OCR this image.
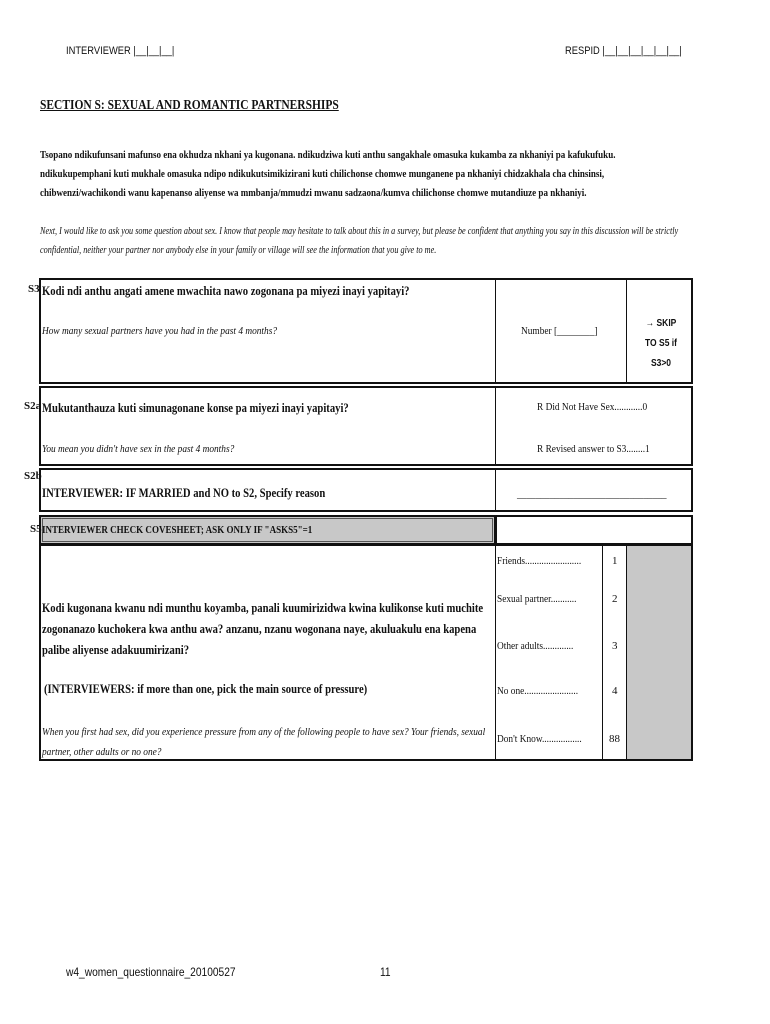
INTERVIEWER |__|__|__|	RESPID |__|__|__|__|__|__|
SECTION S: SEXUAL AND ROMANTIC PARTNERSHIPS
Tsopano ndikufunsani mafunso ena okhudza nkhani ya kugonana. ndikudziwa kuti anthu sangakhale omasuka kukamba za nkhaniyi pa kafukufuku. ndikukupemphani kuti mukhale omasuka ndipo ndikukutsimikizirani kuti chilichonse chomwe munganene pa nkhaniyi chidzakhala cha chinsinsi, chibwenzi/wachikondi wanu kapenanso aliyense wa mmbanja/mmudzi mwanu sadzaona/kumva chilichonse chomwe mutandiuze pa nkhaniyi.
Next, I would like to ask you some question about sex. I know that people may hesitate to talk about this in a survey, but please be confident that anything you say in this discussion will be strictly confidential, neither your partner nor anybody else in your family or village will see the information that you give to me.
S3 Kodi ndi anthu angati amene mwachita nawo zogonana pa miyezi inayi yapitayi?
How many sexual partners have you had in the past 4 months?	Number [________]
→ SKIP
TO S5 if S3>0
S2a Mukutanthauza kuti simunagonane konse pa miyezi inayi yapitayi?
You mean you didn't have sex in the past 4 months?
R Did Not Have Sex............0
R Revised answer to S3........1
S2b
INTERVIEWER: IF MARRIED and NO to S2, Specify reason	________________________________
S5 INTERVIEWER CHECK COVESHEET; ASK ONLY IF "ASKS5"=1
Kodi kugonana kwanu ndi munthu koyamba, panali kuumirizidwa kwina kulikonse kuti muchite zogonanazo kuchokera kwa anthu awa? anzanu, nzanu wogonana naye, akuluakulu ena kapena palibe aliyense adakuumirizani?
(INTERVIEWERS: if more than one, pick the main source of pressure)
When you first had sex, did you experience pressure from any of the following people to have sex? Your friends, sexual partner, other adults or no one?
Friends........................	1
Sexual partner...........	2
Other adults.............	3
No one.......................	4
Don't Know................. 88
w4_women_questionnaire_20100527	11
